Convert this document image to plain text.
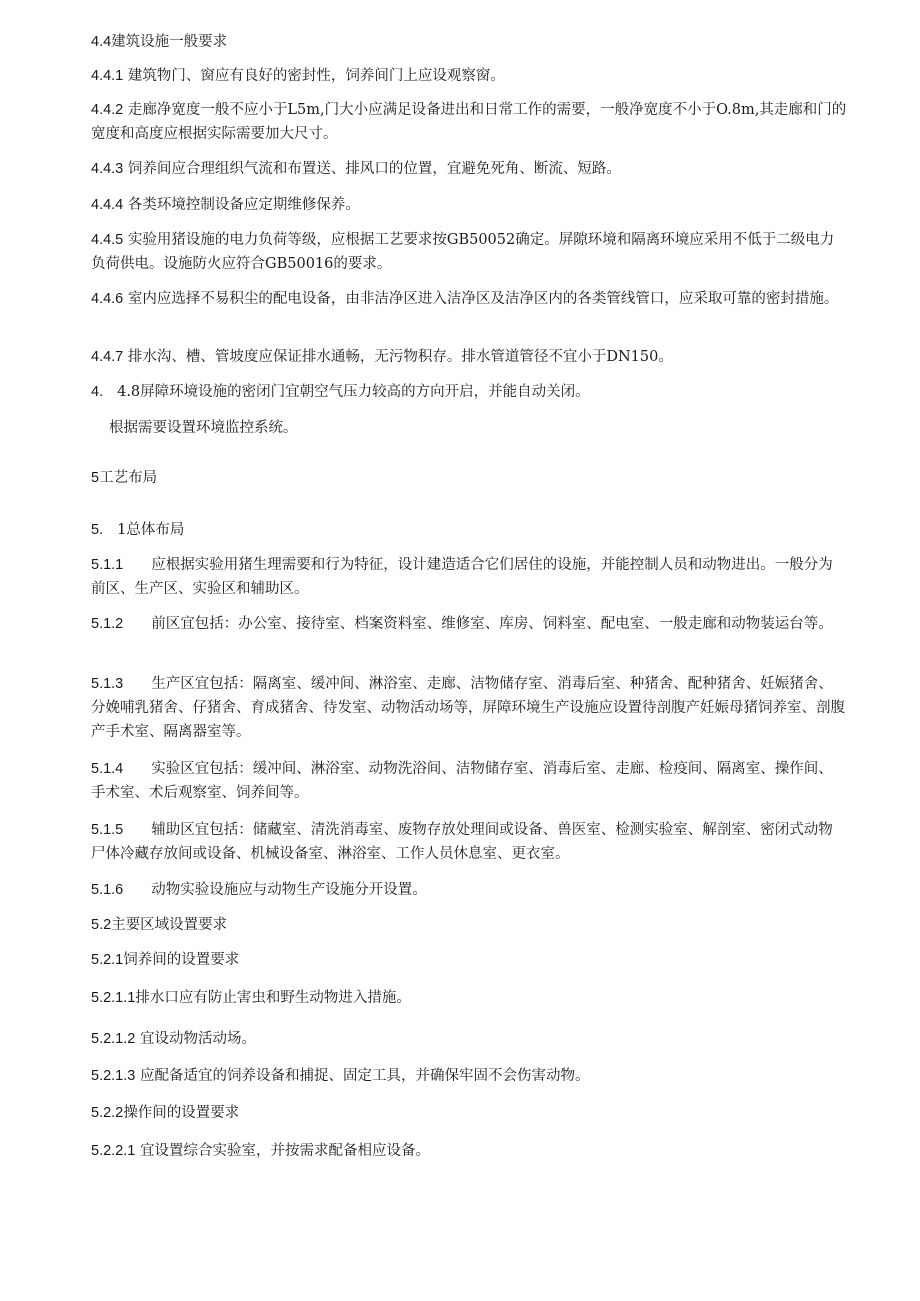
4.4建筑设施一般要求

4.4.1 建筑物门、窗应有良好的密封性，饲养间门上应设观察窗。

4.4.2 走廊净宽度一般不应小于L5m,门大小应满足设备进出和日常工作的需要，一般净宽度不小于O.8m,其走廊和门的宽度和高度应根据实际需要加大尺寸。

4.4.3 饲养间应合理组织气流和布置送、排风口的位置，宜避免死角、断流、短路。

4.4.4 各类环境控制设备应定期维修保养。

4.4.5 实验用猪设施的电力负荷等级，应根据工艺要求按GB50052确定。屏隙环境和隔离环境应采用不低于二级电力负荷供电。设施防火应符合GB50016的要求。

4.4.6 室内应选择不易积尘的配电设备，由非洁净区进入洁净区及洁净区内的各类管线管口，应采取可靠的密封措施。

4.4.7 排水沟、槽、管坡度应保证排水通畅，无污物积存。排水管道管径不宜小于DN150。

4. 4.8屏障环境设施的密闭门宜朝空气压力较高的方向开启，并能自动关闭。

根据需要设置环境监控系统。

5工艺布局

5. 1总体布局

5.1.1 应根据实验用猪生理需要和行为特征，设计建造适合它们居住的设施，并能控制人员和动物进出。一般分为前区、生产区、实验区和辅助区。

5.1.2 前区宜包括：办公室、接待室、档案资料室、维修室、库房、饲料室、配电室、一般走廊和动物装运台等。

5.1.3 生产区宜包括：隔离室、缓冲间、淋浴室、走廊、洁物储存室、消毒后室、种猪舍、配种猪舍、妊娠猪舍、分娩哺乳猪舍、仔猪舍、育成猪舍、待发室、动物活动场等，屏障环境生产设施应设置待剖腹产妊娠母猪饲养室、剖腹产手术室、隔离器室等。

5.1.4 实验区宜包括：缓冲间、淋浴室、动物洗浴间、洁物储存室、消毒后室、走廊、检疫间、隔离室、操作间、手术室、术后观察室、饲养间等。

5.1.5 辅助区宜包括：储藏室、清洗消毒室、废物存放处理间或设备、兽医室、检测实验室、解剖室、密闭式动物尸体冷藏存放间或设备、机械设备室、淋浴室、工作人员休息室、更衣室。

5.1.6 动物实验设施应与动物生产设施分开设置。

5.2主要区域设置要求

5.2.1饲养间的设置要求

5.2.1.1排水口应有防止害虫和野生动物进入措施。

5.2.1.2 宜设动物活动场。

5.2.1.3 应配备适宜的饲养设备和捕捉、固定工具，并确保牢固不会伤害动物。

5.2.2操作间的设置要求

5.2.2.1 宜设置综合实验室，并按需求配备相应设备。
